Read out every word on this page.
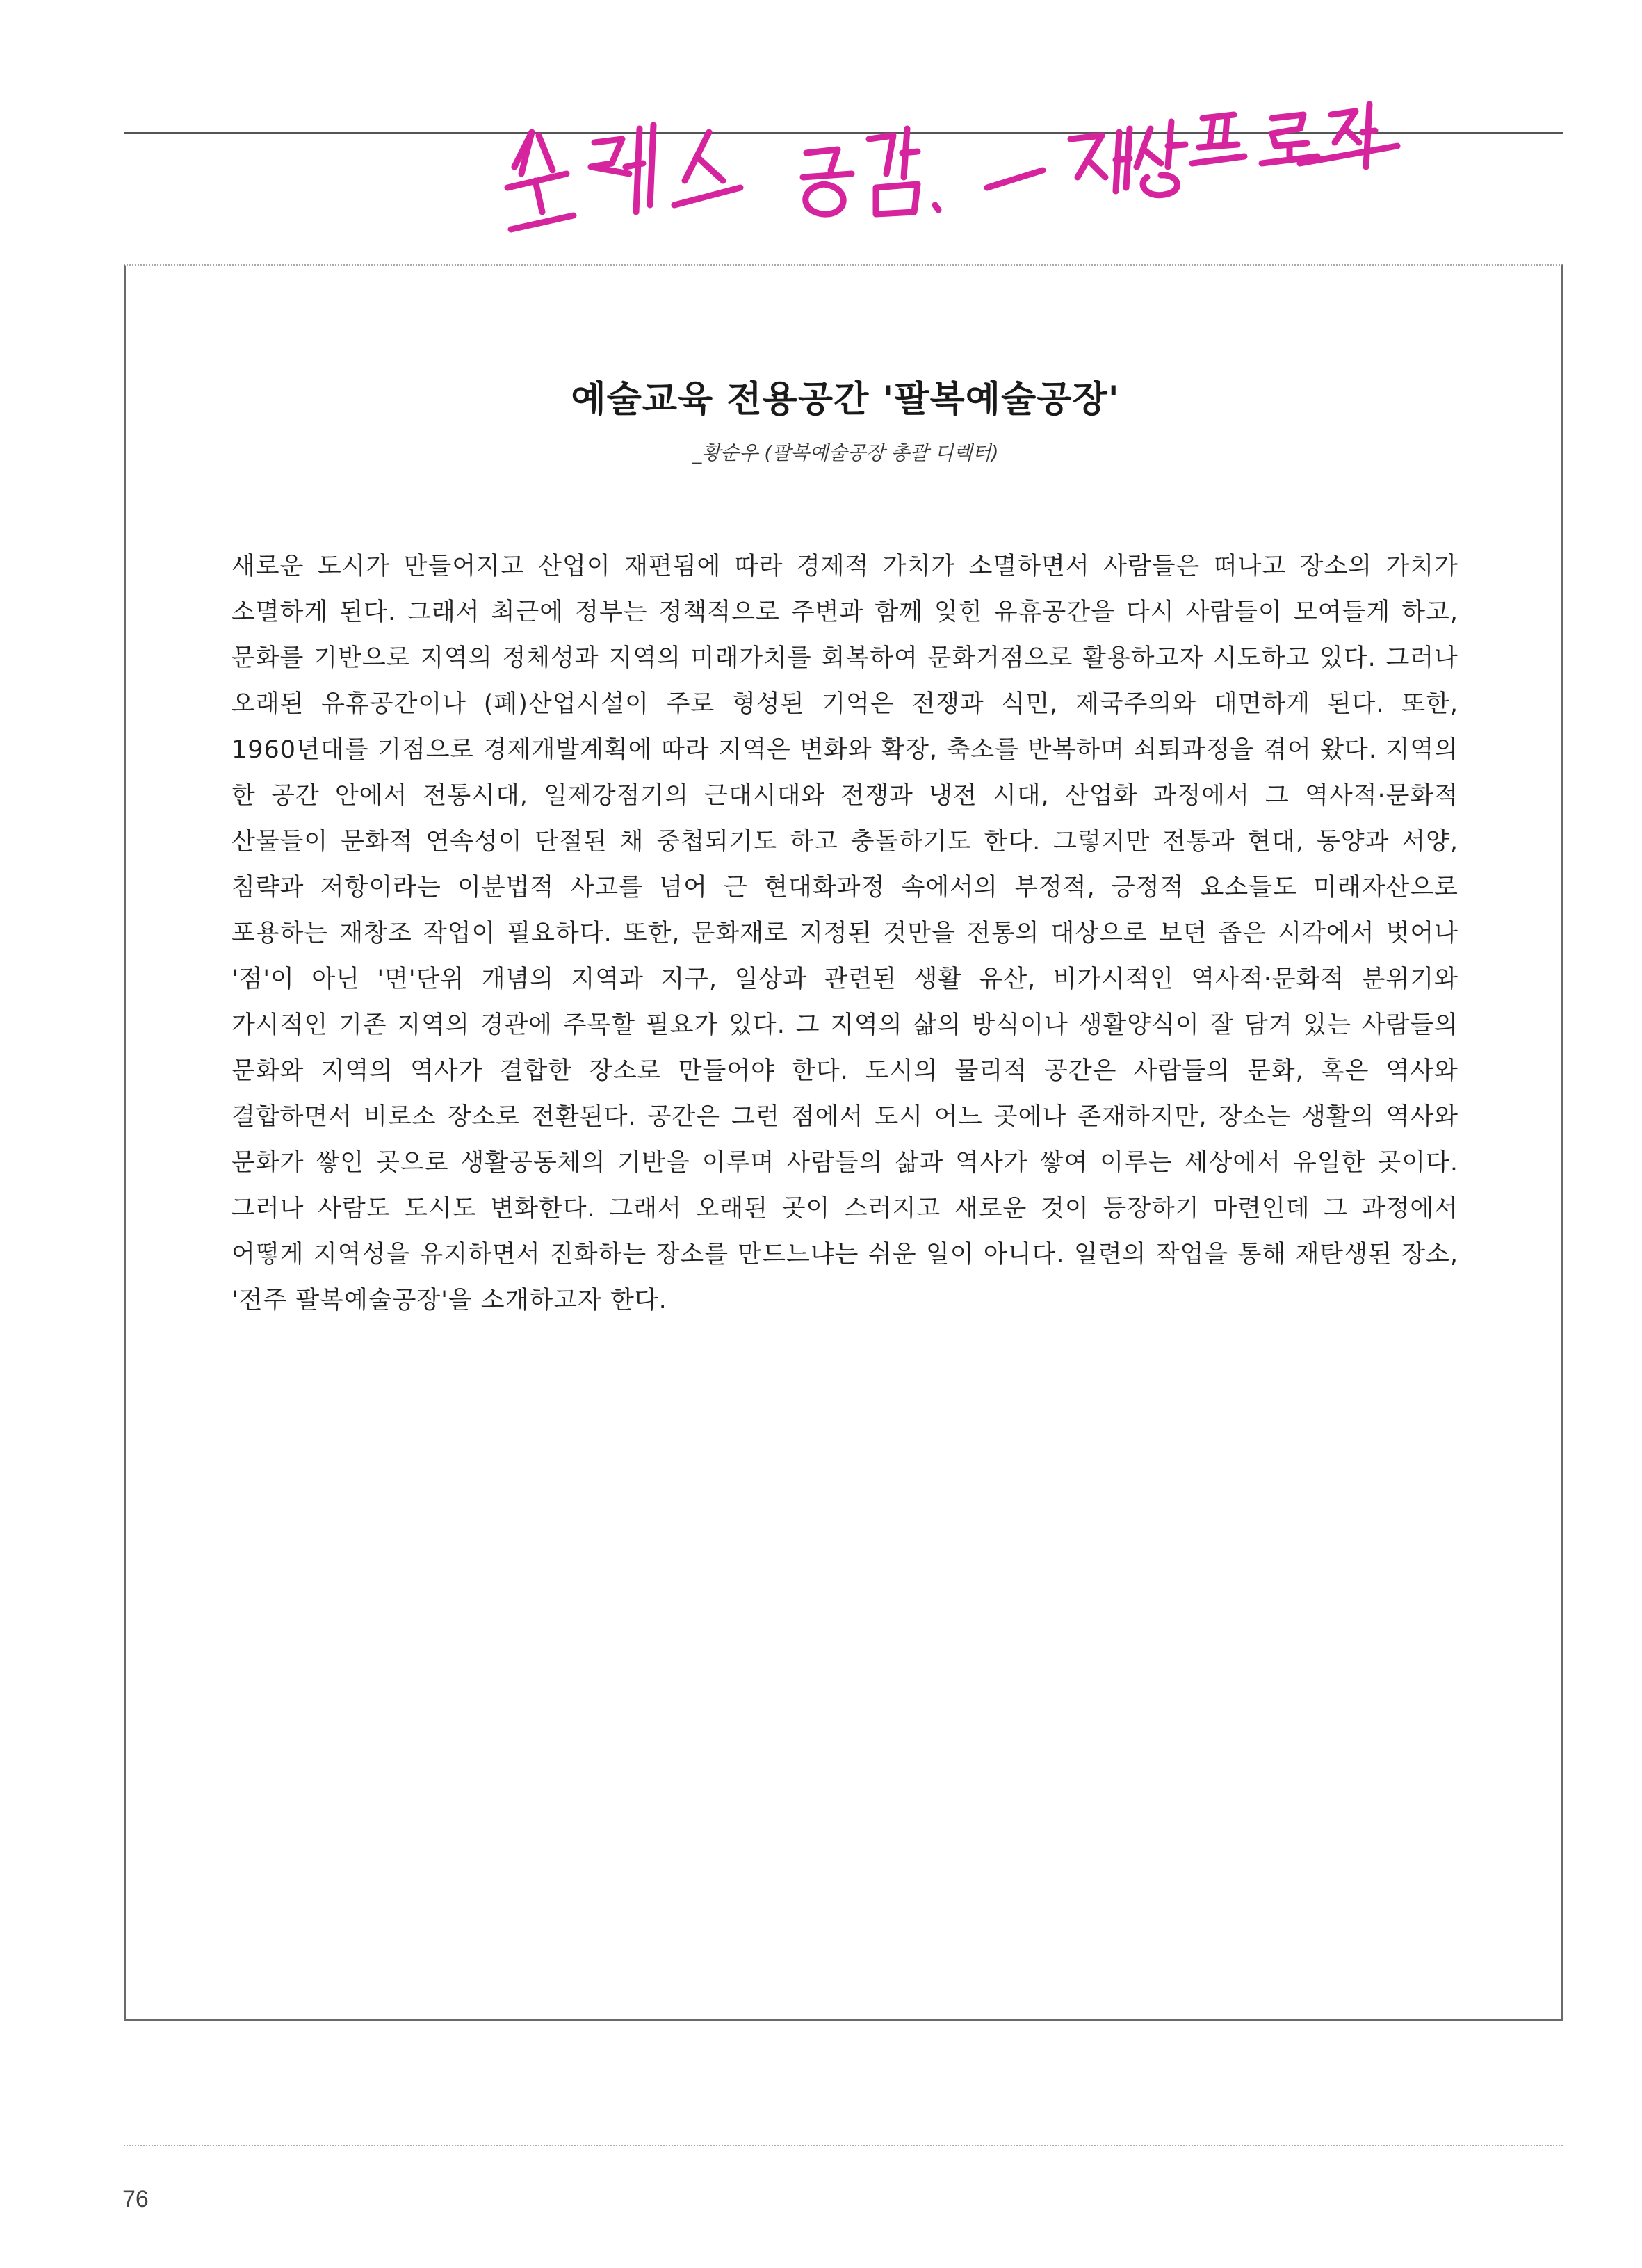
예술교육 전용공간 '팔복예술공장'
_황순우 (팔복예술공장 총괄 디렉터)

새로운 도시가 만들어지고 산업이 재편됨에 따라 경제적 가치가 소멸하면서 사람들은 떠나고 장소의 가치가 소멸하게 된다. 그래서 최근에 정부는 정책적으로 주변과 함께 잊힌 유휴공간을 다시 사람들이 모여들게 하고, 문화를 기반으로 지역의 정체성과 지역의 미래가치를 회복하여 문화거점으로 활용하고자 시도하고 있다. 그러나 오래된 유휴공간이나 (폐)산업시설이 주로 형성된 기억은 전쟁과 식민, 제국주의와 대면하게 된다. 또한, 1960년대를 기점으로 경제개발계획에 따라 지역은 변화와 확장, 축소를 반복하며 쇠퇴과정을 겪어 왔다. 지역의 한 공간 안에서 전통시대, 일제강점기의 근대시대와 전쟁과 냉전 시대, 산업화 과정에서 그 역사적·문화적 산물들이 문화적 연속성이 단절된 채 중첩되기도 하고 충돌하기도 한다. 그렇지만 전통과 현대, 동양과 서양, 침략과 저항이라는 이분법적 사고를 넘어 근 현대화과정 속에서의 부정적, 긍정적 요소들도 미래자산으로 포용하는 재창조 작업이 필요하다. 또한, 문화재로 지정된 것만을 전통의 대상으로 보던 좁은 시각에서 벗어나 '점'이 아닌 '면'단위 개념의 지역과 지구, 일상과 관련된 생활 유산, 비가시적인 역사적·문화적 분위기와 가시적인 기존 지역의 경관에 주목할 필요가 있다. 그 지역의 삶의 방식이나 생활양식이 잘 담겨 있는 사람들의 문화와 지역의 역사가 결합한 장소로 만들어야 한다. 도시의 물리적 공간은 사람들의 문화, 혹은 역사와 결합하면서 비로소 장소로 전환된다. 공간은 그런 점에서 도시 어느 곳에나 존재하지만, 장소는 생활의 역사와 문화가 쌓인 곳으로 생활공동체의 기반을 이루며 사람들의 삶과 역사가 쌓여 이루는 세상에서 유일한 곳이다. 그러나 사람도 도시도 변화한다. 그래서 오래된 곳이 스러지고 새로운 것이 등장하기 마련인데 그 과정에서 어떻게 지역성을 유지하면서 진화하는 장소를 만드느냐는 쉬운 일이 아니다. 일련의 작업을 통해 재탄생된 장소, '전주 팔복예술공장'을 소개하고자 한다.

76
